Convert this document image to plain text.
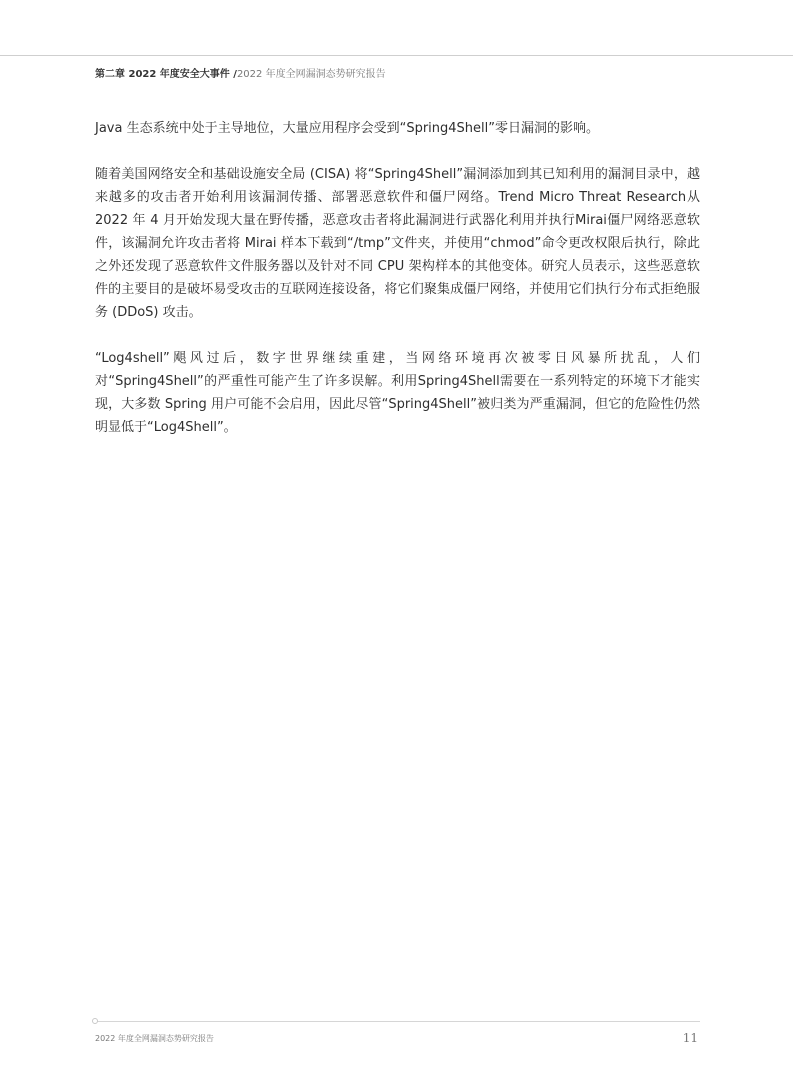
第二章 2022 年度安全大事件 /2022 年度全网漏洞态势研究报告

Java 生态系统中处于主导地位，大量应用程序会受到“Spring4Shell”零日漏洞的影响。

随着美国网络安全和基础设施安全局 (CISA) 将“Spring4Shell”漏洞添加到其已知利用的漏洞目录中，越来越多的攻击者开始利用该漏洞传播、部署恶意软件和僵尸网络。Trend Micro Threat Research从 2022 年 4 月开始发现大量在野传播，恶意攻击者将此漏洞进行武器化利用并执行Mirai僵尸网络恶意软件，该漏洞允许攻击者将 Mirai 样本下载到“/tmp”文件夹，并使用“chmod”命令更改权限后执行，除此之外还发现了恶意软件文件服务器以及针对不同 CPU 架构样本的其他变体。研究人员表示，这些恶意软件的主要目的是破坏易受攻击的互联网连接设备，将它们聚集成僵尸网络，并使用它们执行分布式拒绝服务 (DDoS) 攻击。

“Log4shell”飓风过后，数字世界继续重建，当网络环境再次被零日风暴所扰乱，人们对“Spring4Shell”的严重性可能产生了许多误解。利用Spring4Shell需要在一系列特定的环境下才能实现，大多数 Spring 用户可能不会启用，因此尽管“Spring4Shell”被归类为严重漏洞，但它的危险性仍然明显低于“Log4Shell”。

2022 年度全网漏洞态势研究报告	11
